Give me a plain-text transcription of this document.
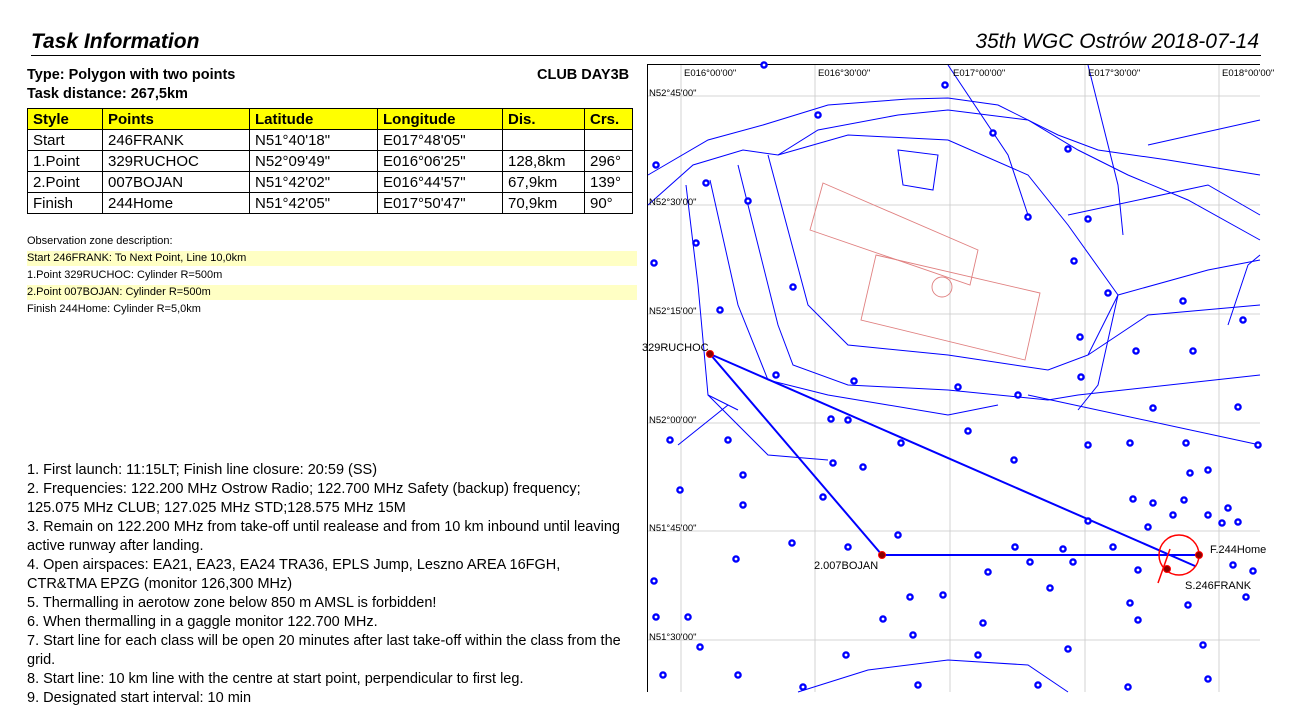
Task Information	35th WGC Ostrów 2018-07-14
Type: Polygon with two points
Task distance: 267,5km
CLUB DAY3B
Style	Points	Latitude	Longitude	Dis.	Crs.
Start	246FRANK	N51°40'18"	E017°48'05"		
1.Point	329RUCHOC	N52°09'49"	E016°06'25"	128,8km	296°
2.Point	007BOJAN	N51°42'02"	E016°44'57"	67,9km	139°
Finish	244Home	N51°42'05"	E017°50'47"	70,9km	90°
Observation zone description:
Start 246FRANK: To Next Point, Line 10,0km
1.Point 329RUCHOC: Cylinder R=500m
2.Point 007BOJAN: Cylinder R=500m
Finish 244Home: Cylinder R=5,0km

1. First launch: 11:15LT; Finish line closure: 20:59 (SS)

2. Frequencies: 122.200 MHz Ostrow Radio; 122.700 MHz Safety (backup) frequency; 125.075 MHz CLUB; 127.025 MHz STD;128.575 MHz 15M

3. Remain on 122.200 MHz from take-off until realease and from 10 km inbound until leaving active runway after landing.

4. Open airspaces: EA21, EA23, EA24 TRA36, EPLS Jump, Leszno AREA 16FGH, CTR&TMA EPZG (monitor 126,300 MHz)

5. Thermalling in aerotow zone below 850 m AMSL is forbidden!

6. When thermalling in a gaggle monitor 122.700 MHz.

7. Start line for each class will be open 20 minutes after last take-off within the class from the grid.

8. Start line: 10 km line with the centre at start point, perpendicular to first leg.

9. Designated start interval: 10 min

E016°00'00"	E016°30'00"	E017°00'00"	E017°30'00"	E018°00'00"
N52°45'00"
N52°30'00"
N52°15'00"
N52°00'00"
N51°45'00"
N51°30'00"
329RUCHOC
2.007BOJAN
F.244Home
S.246FRANK
